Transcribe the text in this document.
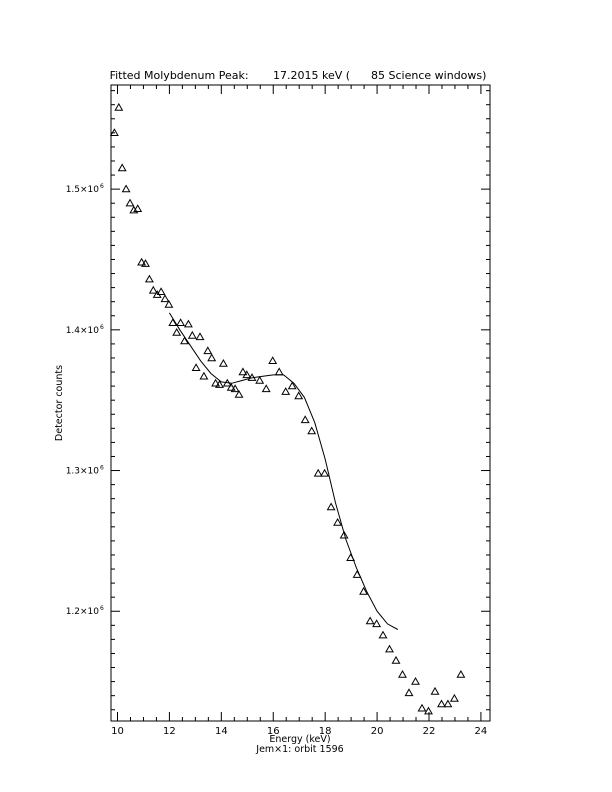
Fitted Molybdenum Peak:       17.2015 keV (      85 Science windows)
10	12	14	16	18	20	22	24
1.2×106
1.3×106
1.4×106
1.5×106
Energy (keV)
Jem×1: orbit 1596
Detector counts
